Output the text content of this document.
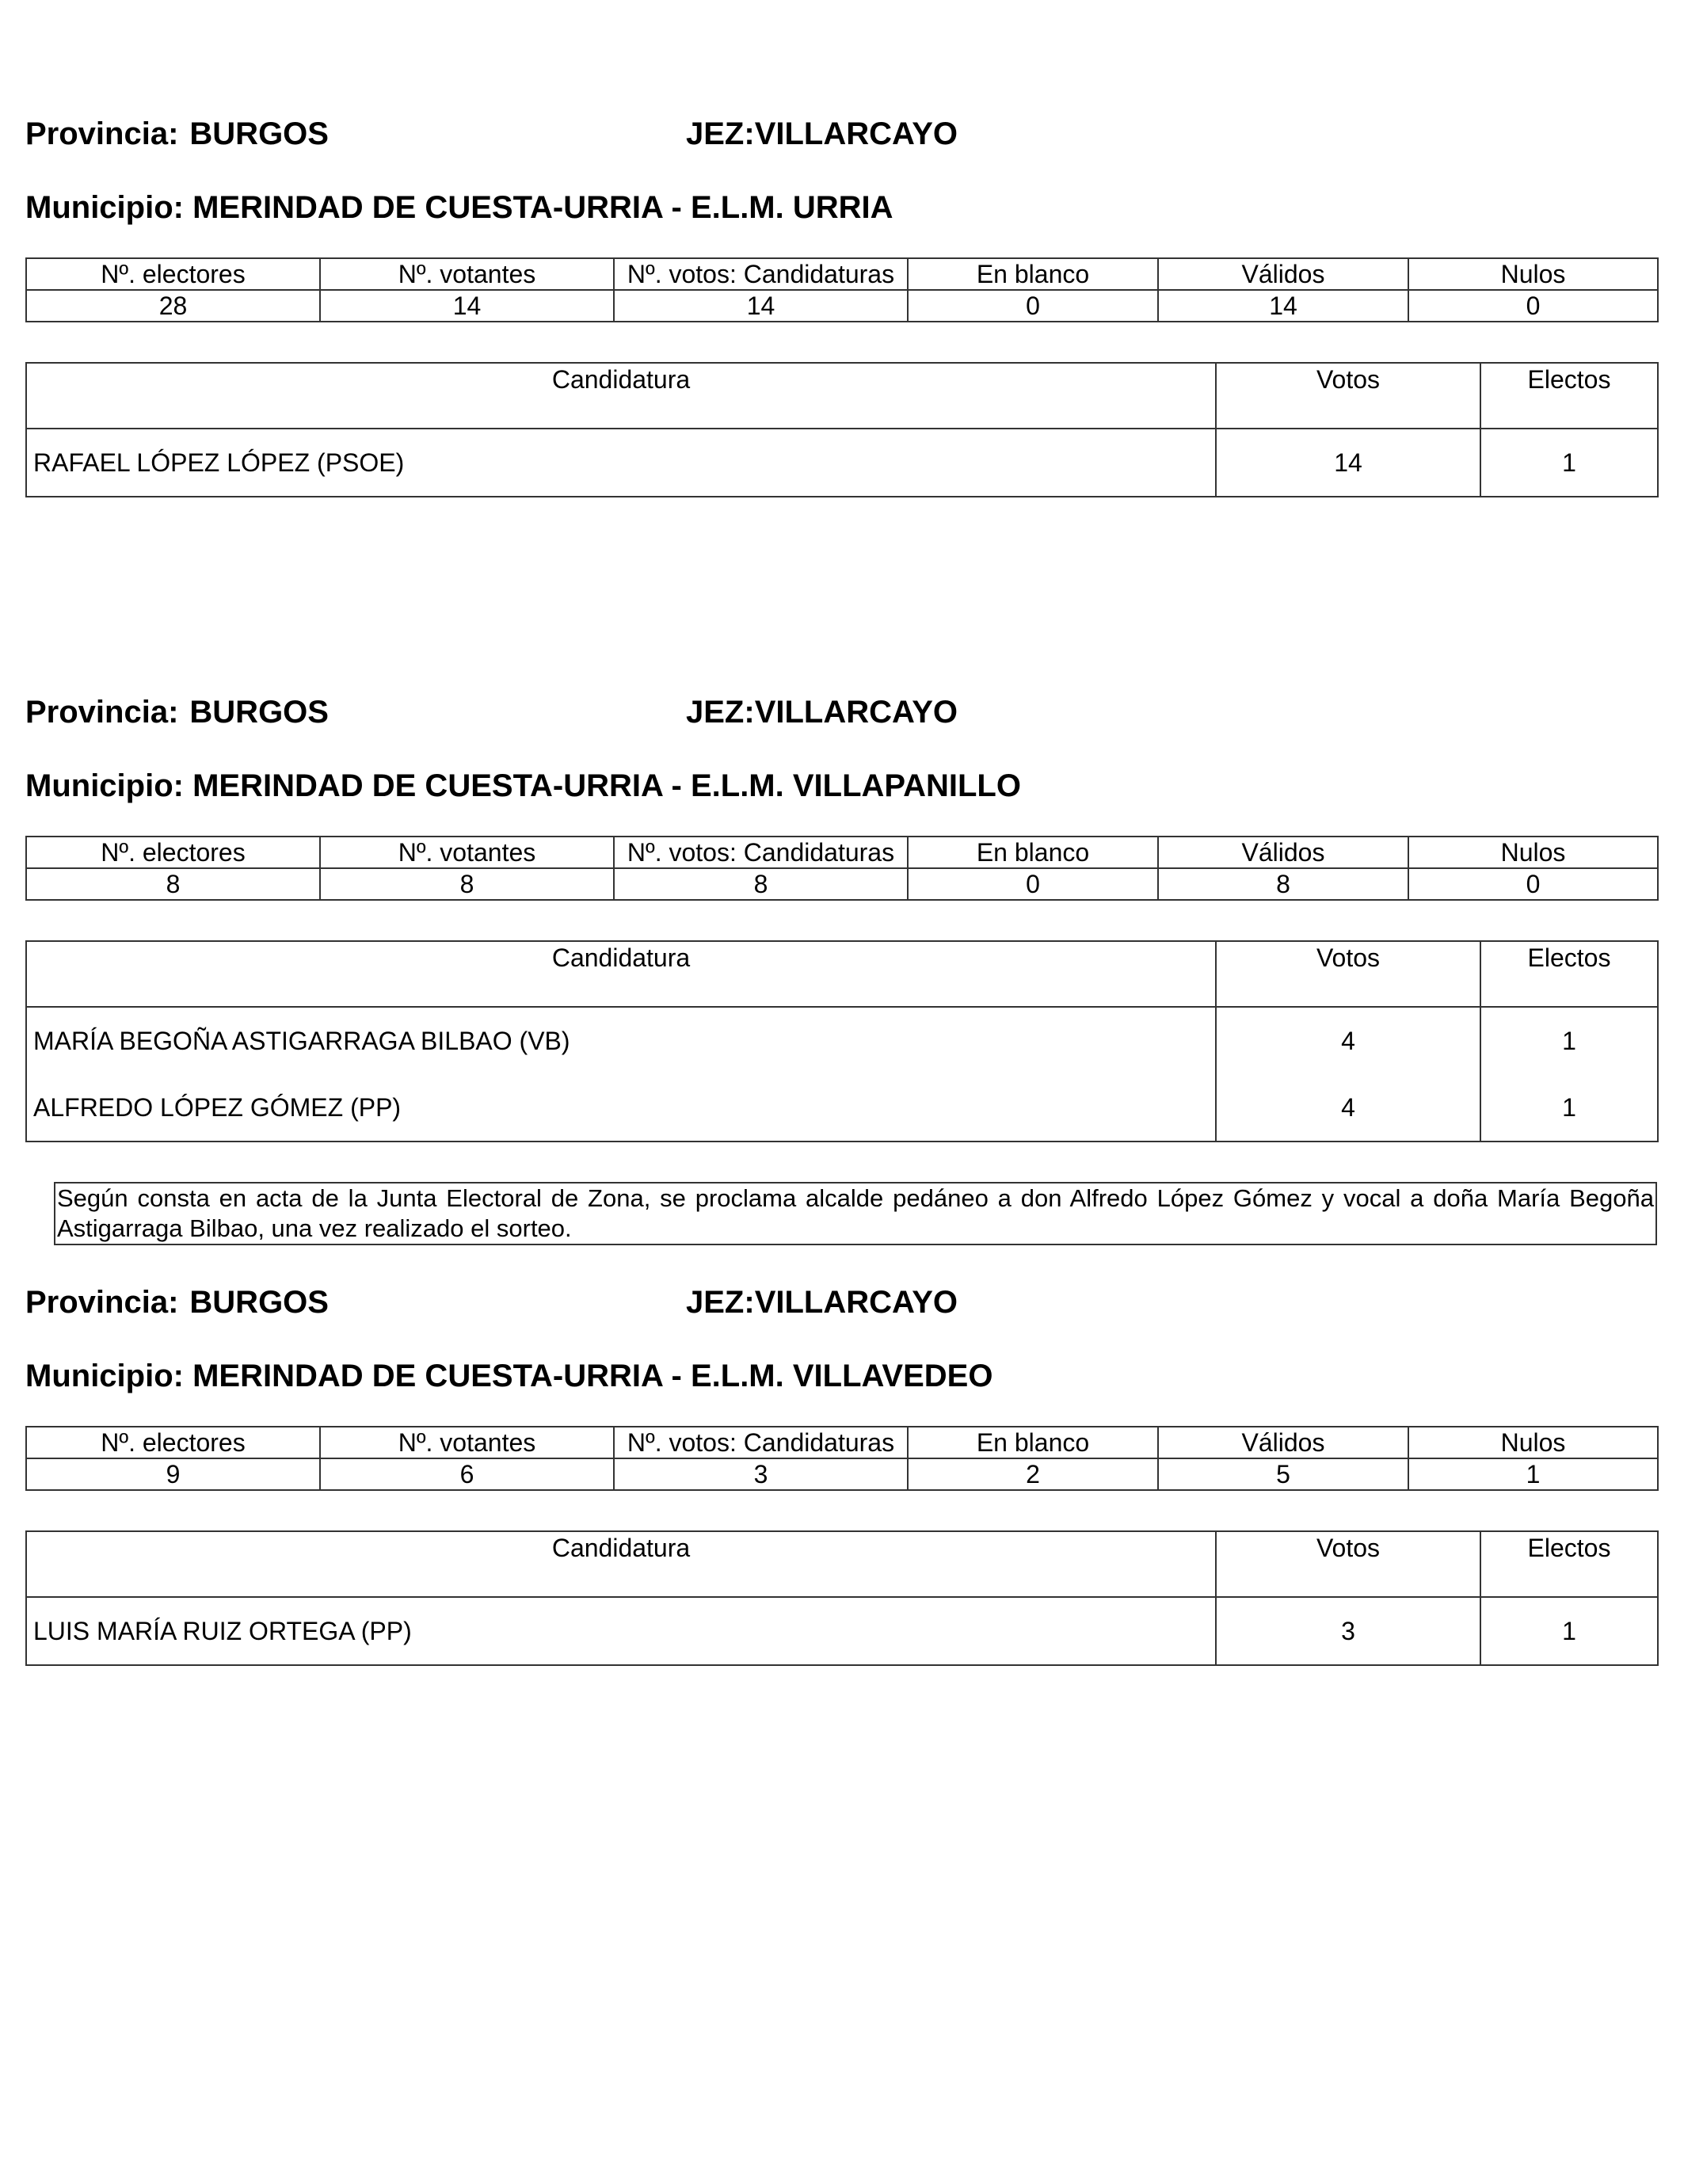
Provincia: BURGOS	JEZ:VILLARCAYO
Municipio: MERINDAD DE CUESTA-URRIA - E.L.M. URRIA
Nº. electores	Nº. votantes	Nº. votos: Candidaturas	En blanco	Válidos	Nulos
28	14	14	0	14	0
Candidatura	Votos	Electos
RAFAEL LÓPEZ LÓPEZ (PSOE)	14	1
Provincia: BURGOS	JEZ:VILLARCAYO
Municipio: MERINDAD DE CUESTA-URRIA - E.L.M. VILLAPANILLO
Nº. electores	Nº. votantes	Nº. votos: Candidaturas	En blanco	Válidos	Nulos
8	8	8	0	8	0
Candidatura	Votos	Electos
MARÍA BEGOÑA ASTIGARRAGA BILBAO (VB)	4	1
ALFREDO LÓPEZ GÓMEZ (PP)	4	1
Según consta en acta de la Junta Electoral de Zona, se proclama alcalde pedáneo a don Alfredo López Gómez y vocal a doña María Begoña Astigarraga Bilbao, una vez realizado el sorteo.
Provincia: BURGOS	JEZ:VILLARCAYO
Municipio: MERINDAD DE CUESTA-URRIA - E.L.M. VILLAVEDEO
Nº. electores	Nº. votantes	Nº. votos: Candidaturas	En blanco	Válidos	Nulos
9	6	3	2	5	1
Candidatura	Votos	Electos
LUIS MARÍA RUIZ ORTEGA (PP)	3	1
